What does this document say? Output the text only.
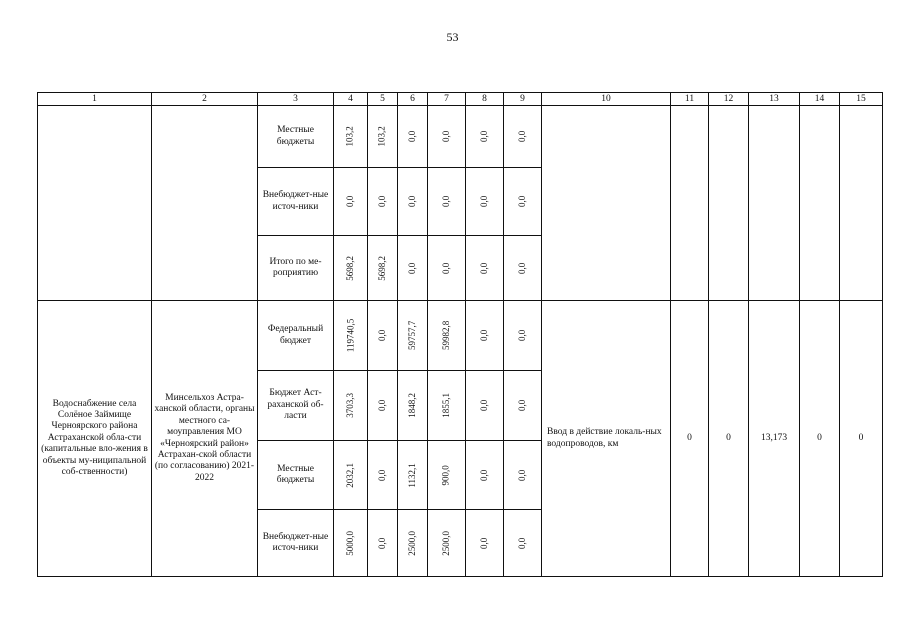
53
1	2	3	4	5	6	7	8	9	10	11	12	13	14	15
		Местные бюджеты	103,2	103,2	0,0	0,0	0,0	0,0						
		Внебюджет-ные источ-ники	0,0	0,0	0,0	0,0	0,0	0,0						
		Итого по ме-роприятию	5698,2	5698,2	0,0	0,0	0,0	0,0						
Водоснабжение села Солёное Займище Черноярского района Астраханской обла-сти (капитальные вло-жения в объекты му-ниципальной соб-ственности)	Минсельхоз Астра-ханской области, органы местного са-моуправления МО «Черноярский район» Астрахан-ской области (по согласованию) 2021-2022	Федеральный бюджет	119740,5	0,0	59757,7	59982,8	0,0	0,0	Ввод в действие локаль-ных водопроводов, км	0	0	13,173	0	0
		Бюджет Аст-раханской об-ласти	3703,3	0,0	1848,2	1855,1	0,0	0,0						
		Местные бюджеты	2032,1	0,0	1132,1	900,0	0,0	0,0						
		Внебюджет-ные источ-ники	5000,0	0,0	2500,0	2500,0	0,0	0,0						
